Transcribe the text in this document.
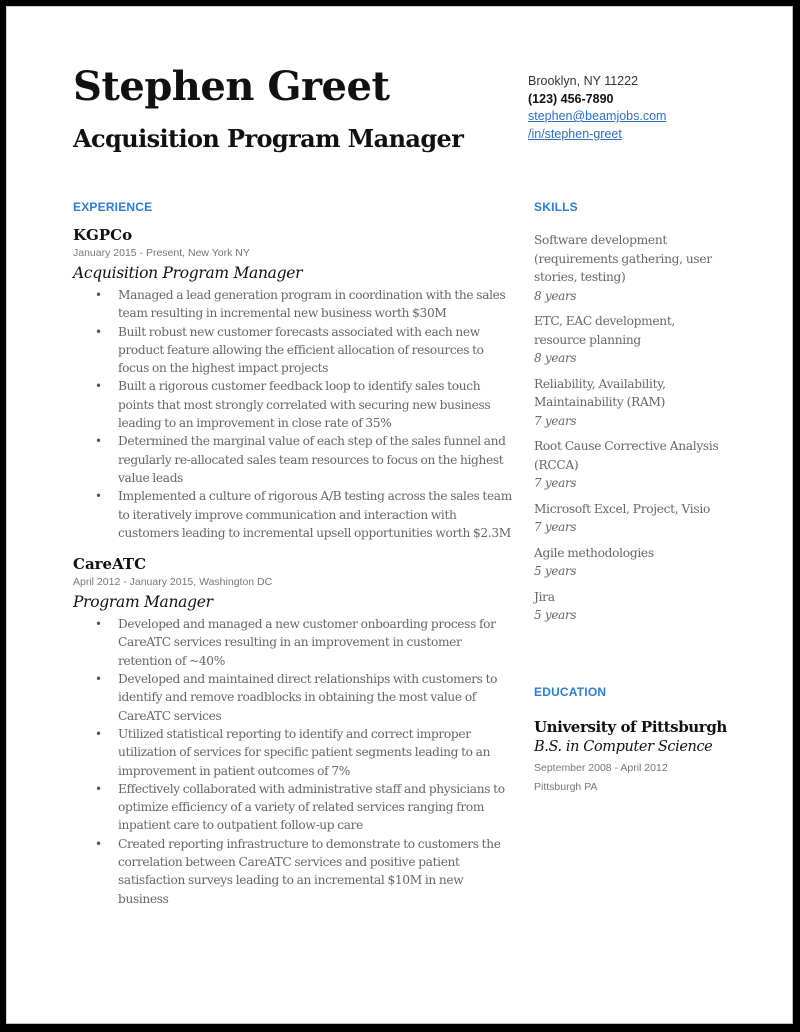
Stephen Greet
Acquisition Program Manager
Brooklyn, NY 11222
(123) 456-7890
stephen@beamjobs.com
/in/stephen-greet
EXPERIENCE
KGPCo
January 2015 - Present, New York NY
Acquisition Program Manager
• Managed a lead generation program in coordination with the sales team resulting in incremental new business worth $30M
• Built robust new customer forecasts associated with each new product feature allowing the efficient allocation of resources to focus on the highest impact projects
• Built a rigorous customer feedback loop to identify sales touch points that most strongly correlated with securing new business leading to an improvement in close rate of 35%
• Determined the marginal value of each step of the sales funnel and regularly re-allocated sales team resources to focus on the highest value leads
• Implemented a culture of rigorous A/B testing across the sales team to iteratively improve communication and interaction with customers leading to incremental upsell opportunities worth $2.3M
CareATC
April 2012 - January 2015, Washington DC
Program Manager
• Developed and managed a new customer onboarding process for CareATC services resulting in an improvement in customer retention of ~40%
• Developed and maintained direct relationships with customers to identify and remove roadblocks in obtaining the most value of CareATC services
• Utilized statistical reporting to identify and correct improper utilization of services for specific patient segments leading to an improvement in patient outcomes of 7%
• Effectively collaborated with administrative staff and physicians to optimize efficiency of a variety of related services ranging from inpatient care to outpatient follow-up care
• Created reporting infrastructure to demonstrate to customers the correlation between CareATC services and positive patient satisfaction surveys leading to an incremental $10M in new business
SKILLS
Software development (requirements gathering, user stories, testing)
8 years
ETC, EAC development, resource planning
8 years
Reliability, Availability, Maintainability (RAM)
7 years
Root Cause Corrective Analysis (RCCA)
7 years
Microsoft Excel, Project, Visio
7 years
Agile methodologies
5 years
Jira
5 years
EDUCATION
University of Pittsburgh
B.S. in Computer Science
September 2008 - April 2012
Pittsburgh PA
